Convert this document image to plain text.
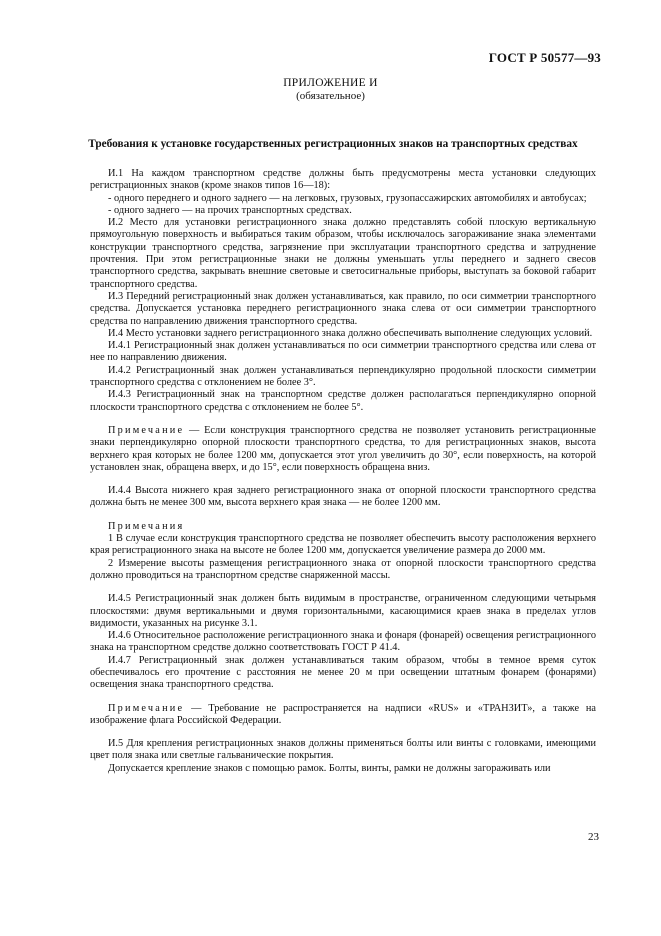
ГОСТ Р 50577—93
ПРИЛОЖЕНИЕ И
(обязательное)
Требования к установке государственных регистрационных знаков на транспортных средствах

И.1 На каждом транспортном средстве должны быть предусмотрены места установки следующих регистрационных знаков (кроме знаков типов 16—18):

- одного переднего и одного заднего — на легковых, грузовых, грузопассажирских автомобилях и автобусах;

- одного заднего — на прочих транспортных средствах.

И.2 Место для установки регистрационного знака должно представлять собой плоскую вертикальную прямоугольную поверхность и выбираться таким образом, чтобы исключалось загораживание знака элементами конструкции транспортного средства, загрязнение при эксплуатации транспортного средства и затруднение прочтения. При этом регистрационные знаки не должны уменьшать углы переднего и заднего свесов транспортного средства, закрывать внешние световые и светосигнальные приборы, выступать за боковой габарит транспортного средства.

И.3 Передний регистрационный знак должен устанавливаться, как правило, по оси симметрии транспортного средства. Допускается установка переднего регистрационного знака слева от оси симметрии транспортного средства по направлению движения транспортного средства.

И.4 Место установки заднего регистрационного знака должно обеспечивать выполнение следующих условий.

И.4.1 Регистрационный знак должен устанавливаться по оси симметрии транспортного средства или слева от нее по направлению движения.

И.4.2 Регистрационный знак должен устанавливаться перпендикулярно продольной плоскости симметрии транспортного средства с отклонением не более 3°.

И.4.3 Регистрационный знак на транспортном средстве должен располагаться перпендикулярно опорной плоскости транспортного средства с отклонением не более 5°.

Примечание — Если конструкция транспортного средства не позволяет установить регистрационные знаки перпендикулярно опорной плоскости транспортного средства, то для регистрационных знаков, высота верхнего края которых не более 1200 мм, допускается этот угол увеличить до 30°, если поверхность, на которой установлен знак, обращена вверх, и до 15°, если поверхность обращена вниз.

И.4.4 Высота нижнего края заднего регистрационного знака от опорной плоскости транспортного средства должна быть не менее 300 мм, высота верхнего края знака — не более 1200 мм.

Примечания

1 В случае если конструкция транспортного средства не позволяет обеспечить высоту расположения верхнего края регистрационного знака на высоте не более 1200 мм, допускается увеличение размера до 2000 мм.

2 Измерение высоты размещения регистрационного знака от опорной плоскости транспортного средства должно проводиться на транспортном средстве снаряженной массы.

И.4.5 Регистрационный знак должен быть видимым в пространстве, ограниченном следующими четырьмя плоскостями: двумя вертикальными и двумя горизонтальными, касающимися краев знака в пределах углов видимости, указанных на рисунке 3.1.

И.4.6 Относительное расположение регистрационного знака и фонаря (фонарей) освещения регистрационного знака на транспортном средстве должно соответствовать ГОСТ Р 41.4.

И.4.7 Регистрационный знак должен устанавливаться таким образом, чтобы в темное время суток обеспечивалось его прочтение с расстояния не менее 20 м при освещении штатным фонарем (фонарями) освещения знака транспортного средства.

Примечание — Требование не распространяется на надписи «RUS» и «ТРАНЗИТ», а также на изображение флага Российской Федерации.

И.5 Для крепления регистрационных знаков должны применяться болты или винты с головками, имеющими цвет поля знака или светлые гальванические покрытия.

Допускается крепление знаков с помощью рамок. Болты, винты, рамки не должны загораживать или

23
